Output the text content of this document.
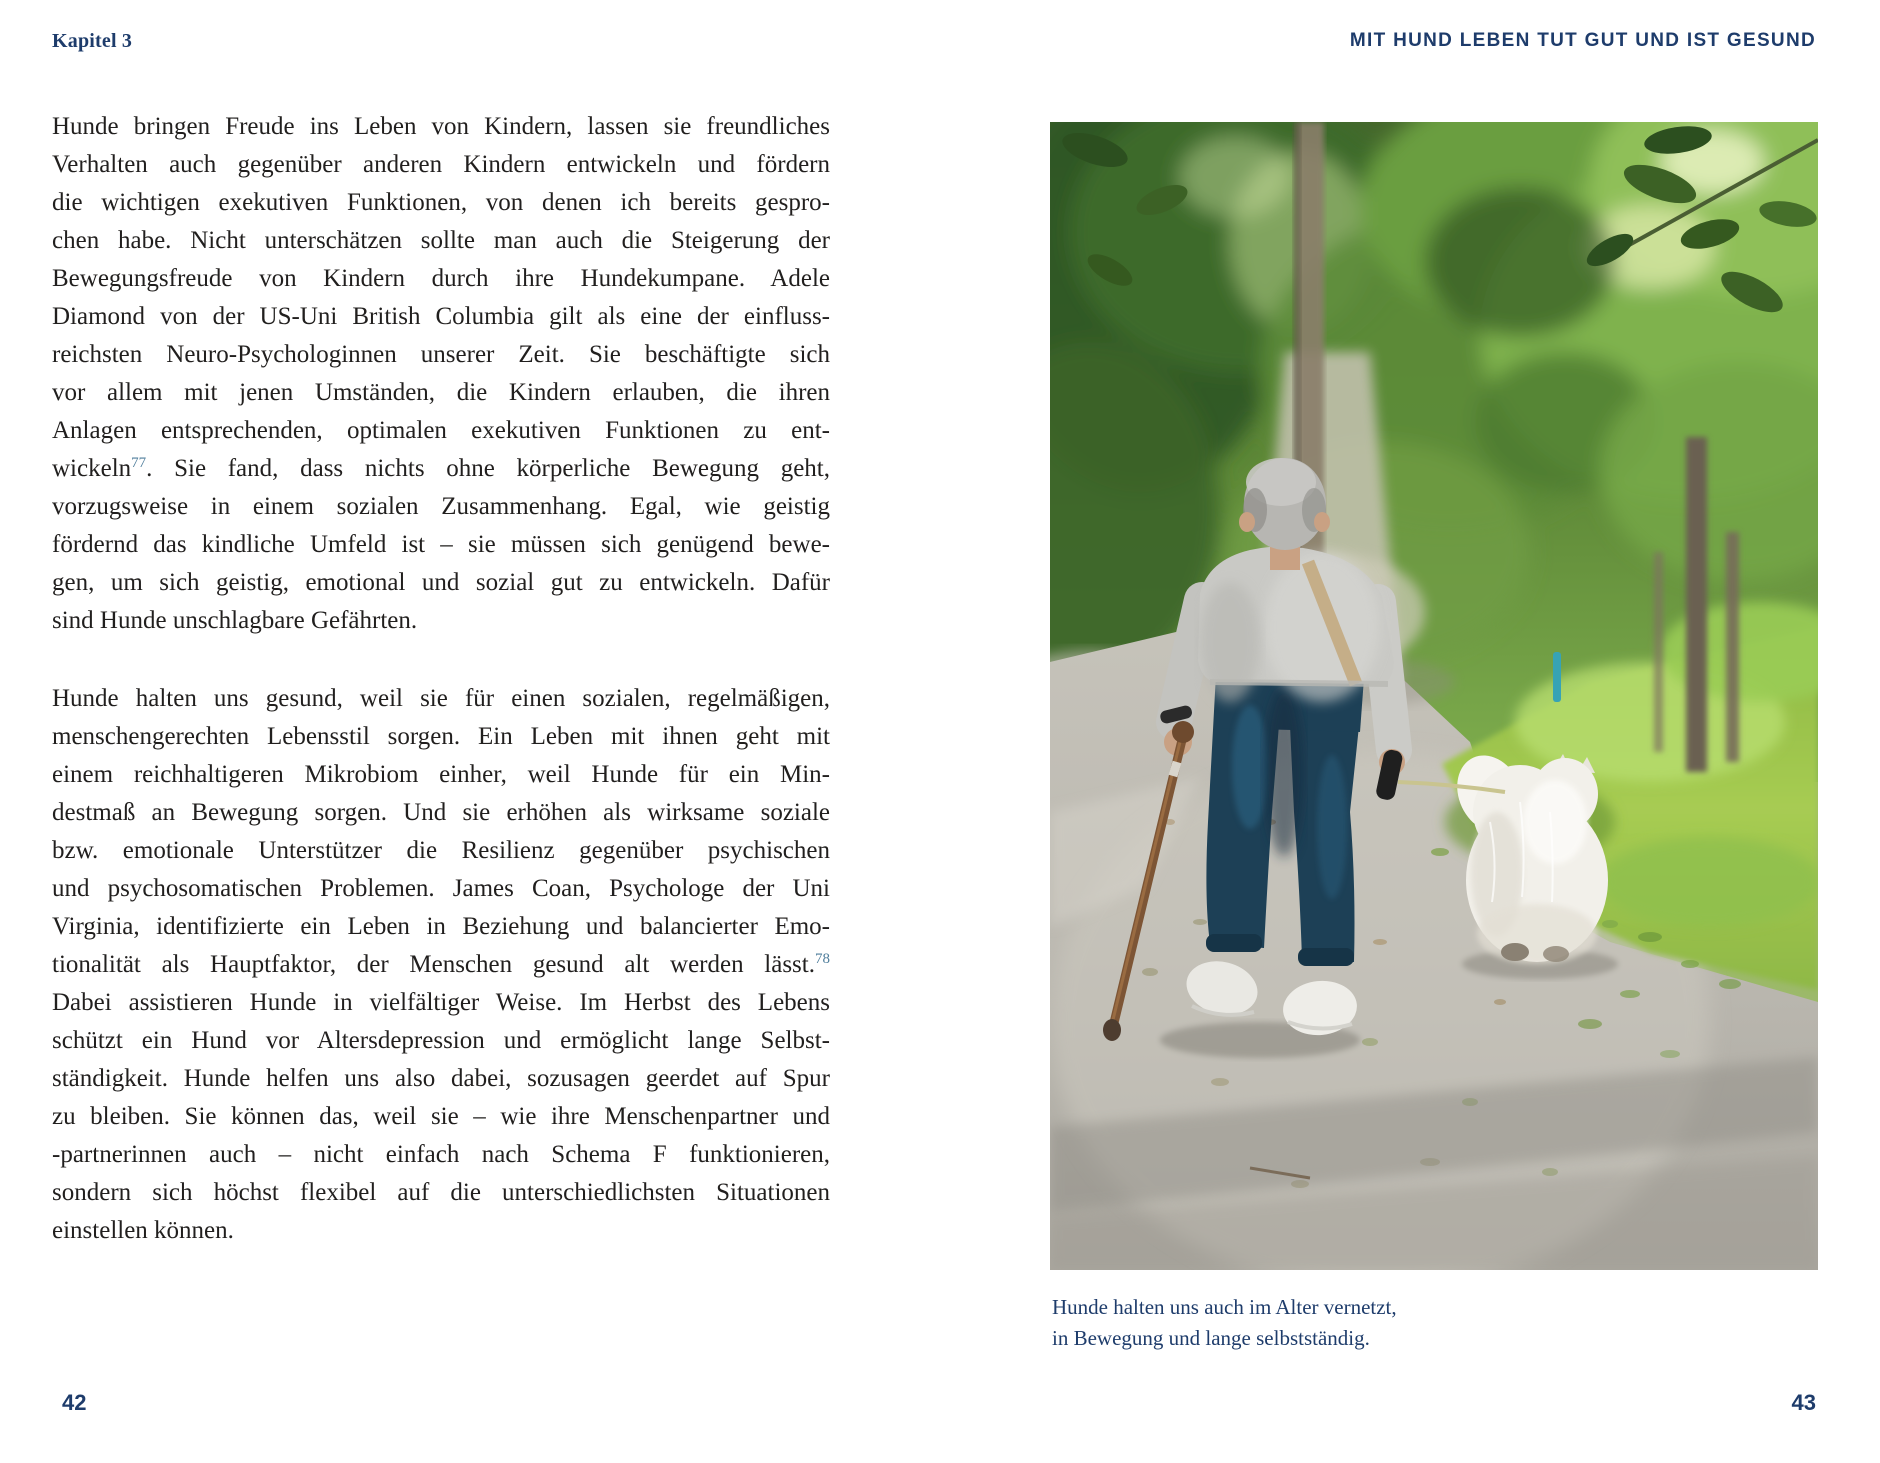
Kapitel 3
Hunde bringen Freude ins Leben von Kindern, lassen sie freundliches
Verhalten auch gegenüber anderen Kindern entwickeln und fördern
die wichtigen exekutiven Funktionen, von denen ich bereits gespro-
chen habe. Nicht unterschätzen sollte man auch die Steigerung der
Bewegungsfreude von Kindern durch ihre Hundekumpane. Adele
Diamond von der US-Uni British Columbia gilt als eine der einfluss-
reichsten Neuro-Psychologinnen unserer Zeit. Sie beschäftigte sich
vor allem mit jenen Umständen, die Kindern erlauben, die ihren
Anlagen entsprechenden, optimalen exekutiven Funktionen zu ent-
wickeln$^{77}$. Sie fand, dass nichts ohne körperliche Bewegung geht,
vorzugsweise in einem sozialen Zusammenhang. Egal, wie geistig
fördernd das kindliche Umfeld ist – sie müssen sich genügend bewe-
gen, um sich geistig, emotional und sozial gut zu entwickeln. Dafür
sind Hunde unschlagbare Gefährten.
Hunde halten uns gesund, weil sie für einen sozialen, regelmäßigen,
menschengerechten Lebensstil sorgen. Ein Leben mit ihnen geht mit
einem reichhaltigeren Mikrobiom einher, weil Hunde für ein Min-
destmaß an Bewegung sorgen. Und sie erhöhen als wirksame soziale
bzw. emotionale Unterstützer die Resilienz gegenüber psychischen
und psychosomatischen Problemen. James Coan, Psychologe der Uni
Virginia, identifizierte ein Leben in Beziehung und balancierter Emo-
tionalität als Hauptfaktor, der Menschen gesund alt werden lässt.$^{78}$
Dabei assistieren Hunde in vielfältiger Weise. Im Herbst des Lebens
schützt ein Hund vor Altersdepression und ermöglicht lange Selbst-
ständigkeit. Hunde helfen uns also dabei, sozusagen geerdet auf Spur
zu bleiben. Sie können das, weil sie – wie ihre Menschenpartner und
-partnerinnen auch – nicht einfach nach Schema F funktionieren,
sondern sich höchst flexibel auf die unterschiedlichsten Situationen
einstellen können.
42
MIT HUND LEBEN TUT GUT UND IST GESUND
Hunde halten uns auch im Alter vernetzt,
in Bewegung und lange selbstständig.
43
